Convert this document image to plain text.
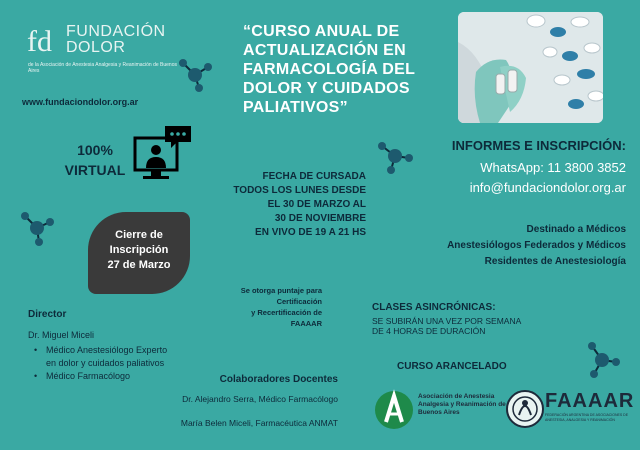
fd FUNDACIÓN
DOLOR
de la Asociación de Anestesia Analgesia y Reanimación de Buenos Aires
www.fundaciondolor.org.ar
“CURSO ANUAL DE ACTUALIZACIÓN EN FARMACOLOGÍA DEL DOLOR Y CUIDADOS PALIATIVOS”
100%
VIRTUAL	FECHA DE CURSADA
TODOS LOS LUNES DESDE
EL 30 DE MARZO AL
30 DE NOVIEMBRE
EN VIVO DE 19 A 21 HS
INFORMES E INSCRIPCIÓN:
WhatsApp: 11 3800 3852
info@fundaciondolor.org.ar
Cierre de
Inscripción
27 de Marzo
Destinado a Médicos
Anestesiólogos Federados y Médicos
Residentes de Anestesiología
Se otorga puntaje para
Certificación
y Recertificación de
FAAAAR
CLASES ASINCRÓNICAS:
SE SUBIRÁN UNA VEZ POR SEMANA
DE 4 HORAS DE DURACIÓN
CURSO ARANCELADO
Director
Dr. Miguel Miceli
• Médico Anestesiólogo Experto
en dolor y cuidados paliativos
• Médico Farmacólogo	Colaboradores Docentes
Dr. Alejandro Serra, Médico Farmacólogo
María Belen Miceli, Farmacéutica ANMAT
Asociación de Anestesia Analgesia y Reanimación de Buenos Aires
FAAAAR
FEDERACIÓN ARGENTINA DE ASOCIACIONES DE ANESTESIA, ANALGESIA Y REANIMACIÓN
